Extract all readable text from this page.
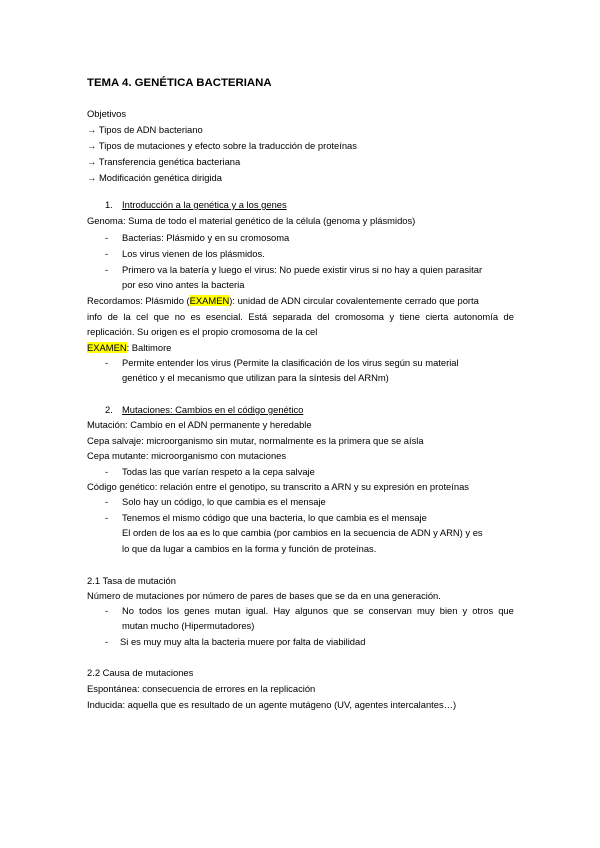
TEMA 4. GENÉTICA BACTERIANA
Objetivos
→ Tipos de ADN bacteriano
→ Tipos de mutaciones y efecto sobre la traducción de proteínas
→ Transferencia genética bacteriana
→ Modificación genética dirigida
1. Introducción a la genética y a los genes
Genoma: Suma de todo el material genético de la célula (genoma y plásmidos)
- Bacterias: Plásmido y en su cromosoma
- Los virus vienen de los plásmidos.
- Primero va la batería y luego el virus: No puede existir virus si no hay a quien parasitar
por eso vino antes la bacteria
Recordamos: Plásmido (EXAMEN): unidad de ADN circular covalentemente cerrado que porta
info de la cel que no es esencial. Está separada del cromosoma y tiene cierta autonomía de
replicación. Su origen es el propio cromosoma de la cel
EXAMEN: Baltimore
- Permite entender los virus (Permite la clasificación de los virus según su material
genético y el mecanismo que utilizan para la síntesis del ARNm)
2. Mutaciones: Cambios en el código genético
Mutación: Cambio en el ADN permanente y heredable
Cepa salvaje: microorganismo sin mutar, normalmente es la primera que se aísla
Cepa mutante: microorganismo con mutaciones
- Todas las que varían respeto a la cepa salvaje
Código genético: relación entre el genotipo, su transcrito a ARN y su expresión en proteínas
- Solo hay un código, lo que cambia es el mensaje
- Tenemos el mismo código que una bacteria, lo que cambia es el mensaje
El orden de los aa es lo que cambia (por cambios en la secuencia de ADN y ARN) y es
lo que da lugar a cambios en la forma y función de proteínas.
2.1 Tasa de mutación
Número de mutaciones por número de pares de bases que se da en una generación.
- No todos los genes mutan igual. Hay algunos que se conservan muy bien y otros que
mutan mucho (Hipermutadores)
- Si es muy muy alta la bacteria muere por falta de viabilidad
2.2 Causa de mutaciones
Espontánea: consecuencia de errores en la replicación
Inducida: aquella que es resultado de un agente mutágeno (UV, agentes intercalantes…)
